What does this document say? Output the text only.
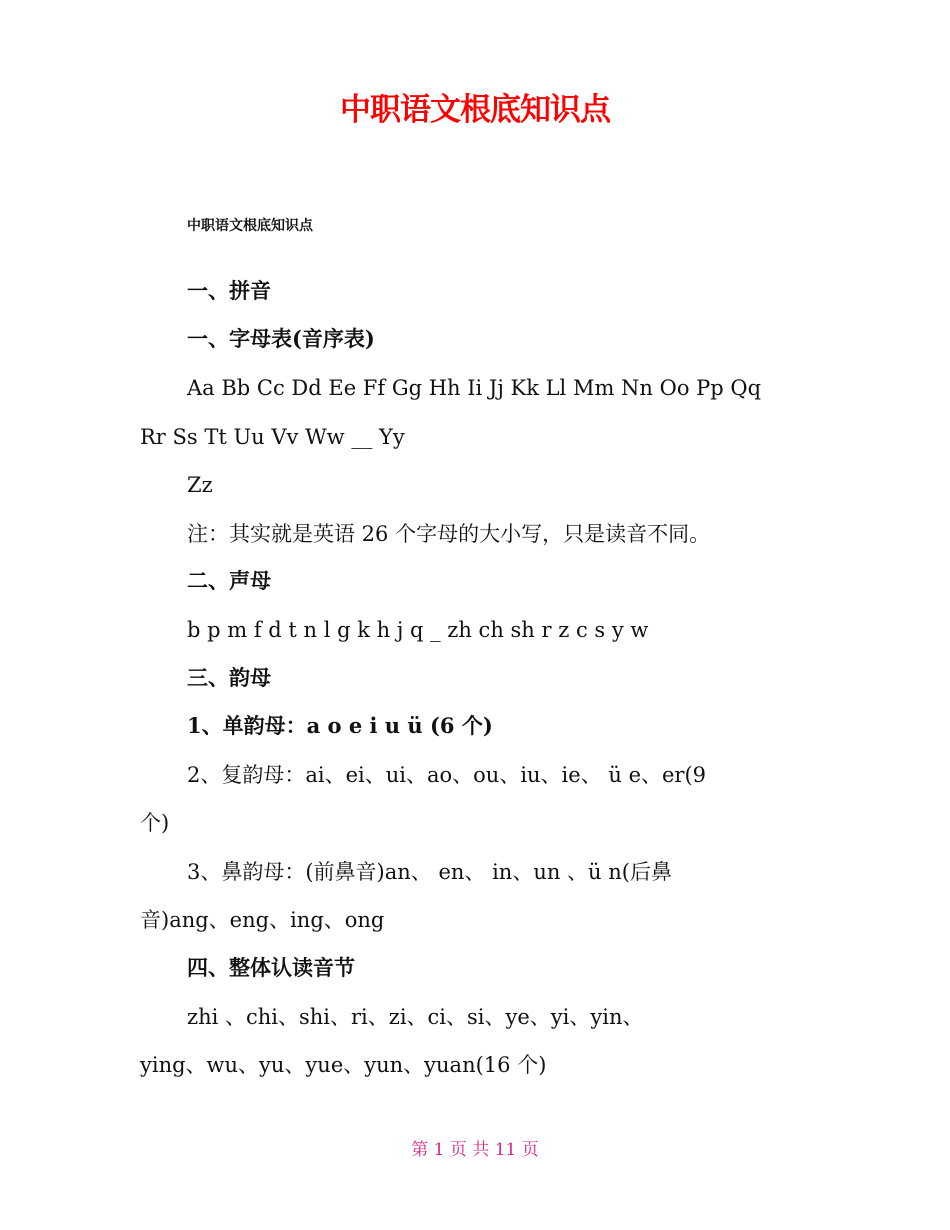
中职语文根底知识点
中职语文根底知识点
一、拼音
一、字母表(音序表)
Aa Bb Cc Dd Ee Ff Gg Hh Ii Jj Kk Ll Mm Nn Oo Pp Qq
Rr Ss Tt Uu Vv Ww __ Yy
Zz
注：其实就是英语 26 个字母的大小写，只是读音不同。
二、声母
b p m f d t n l g k h j q _ zh ch sh r z c s y w
三、韵母
1、单韵母：a o e i u ü (6 个)
2、复韵母：ai、ei、ui、ao、ou、iu、ie、 ü e、er(9
个)
3、鼻韵母：(前鼻音)an、 en、 in、un 、ü n(后鼻
音)ang、eng、ing、ong
四、整体认读音节
zhi 、chi、shi、ri、zi、ci、si、ye、yi、yin、
ying、wu、yu、yue、yun、yuan(16 个)
第 1 页 共 11 页
